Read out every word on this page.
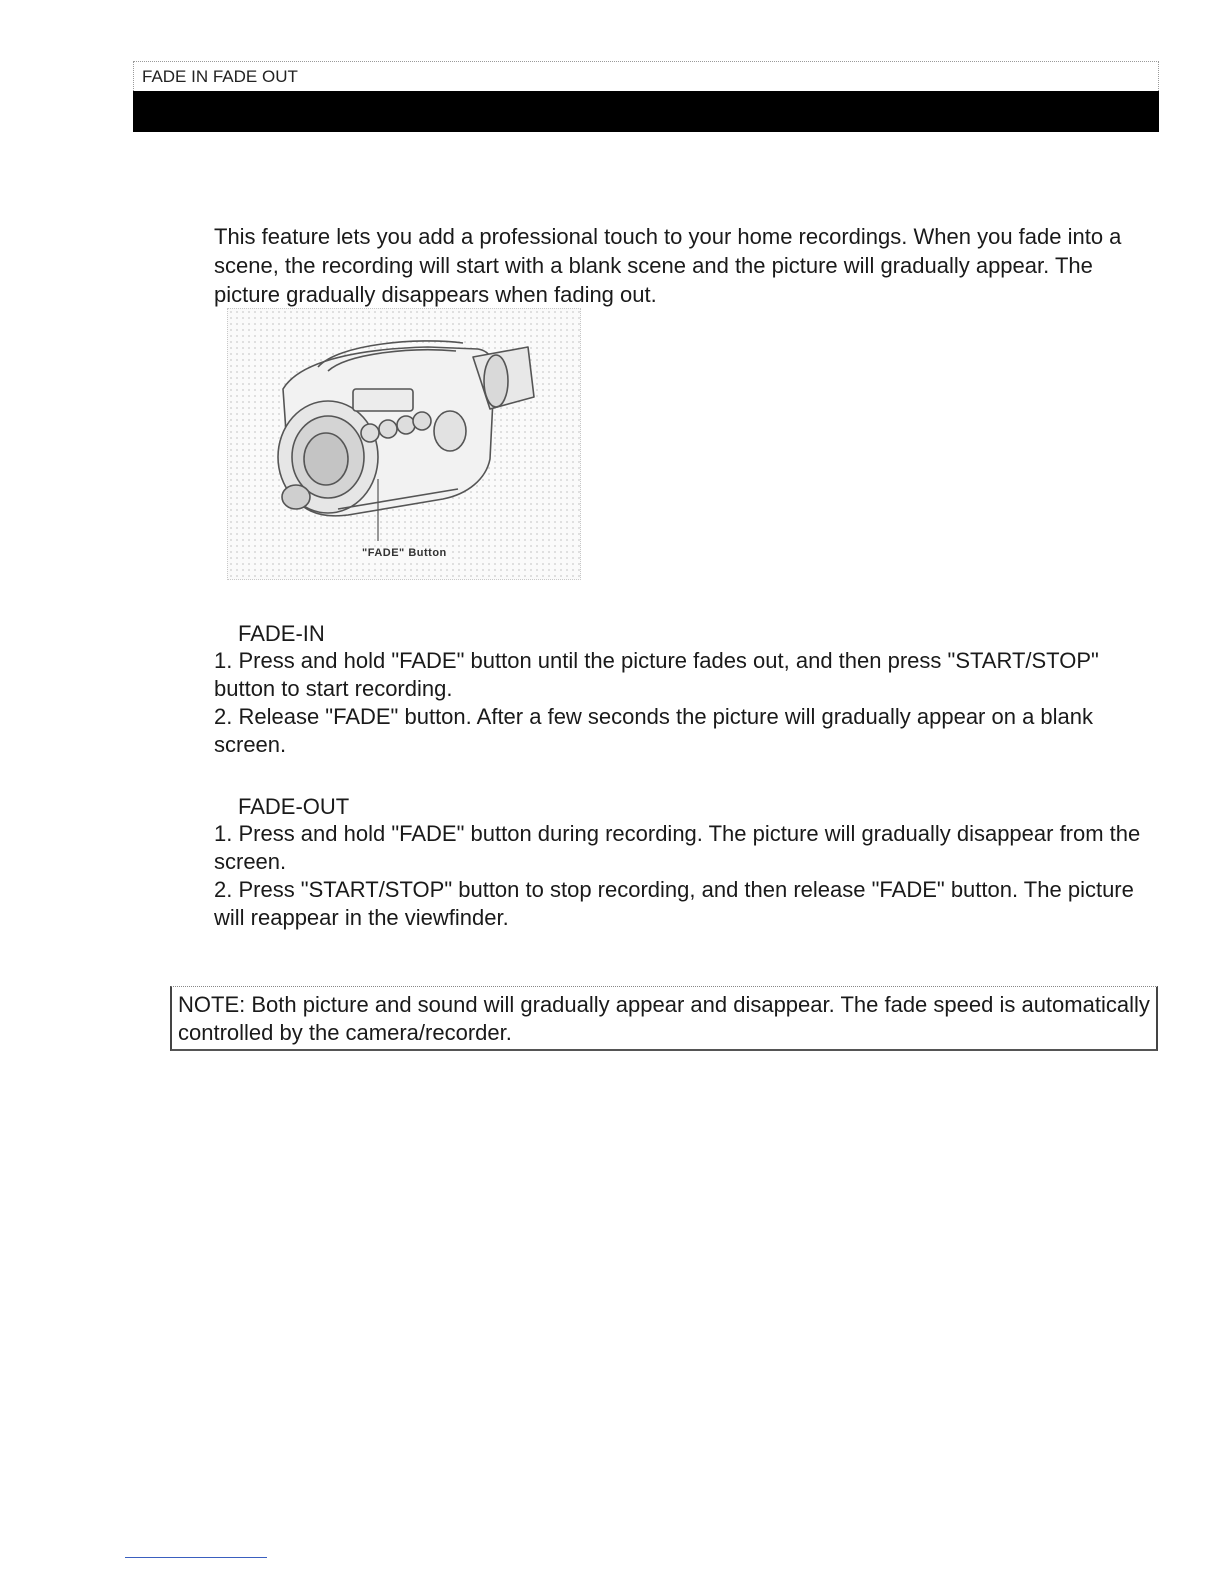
FADE IN FADE OUT

This feature lets you add a professional touch to your home recordings. When you fade into a scene, the recording will start with a blank scene and the picture will gradually appear. The picture gradually disappears when fading out.

"FADE" Button

FADE-IN

1. Press and hold "FADE" button until the picture fades out, and then press "START/STOP" button to start recording.

2. Release "FADE" button. After a few seconds the picture will gradually appear on a blank screen.

FADE-OUT

1. Press and hold "FADE" button during recording. The picture will gradually disappear from the screen.

2. Press "START/STOP" button to stop recording, and then release "FADE" button. The picture will reappear in the viewfinder.

NOTE: Both picture and sound will gradually appear and disappear. The fade speed is automatically controlled by the camera/recorder.
